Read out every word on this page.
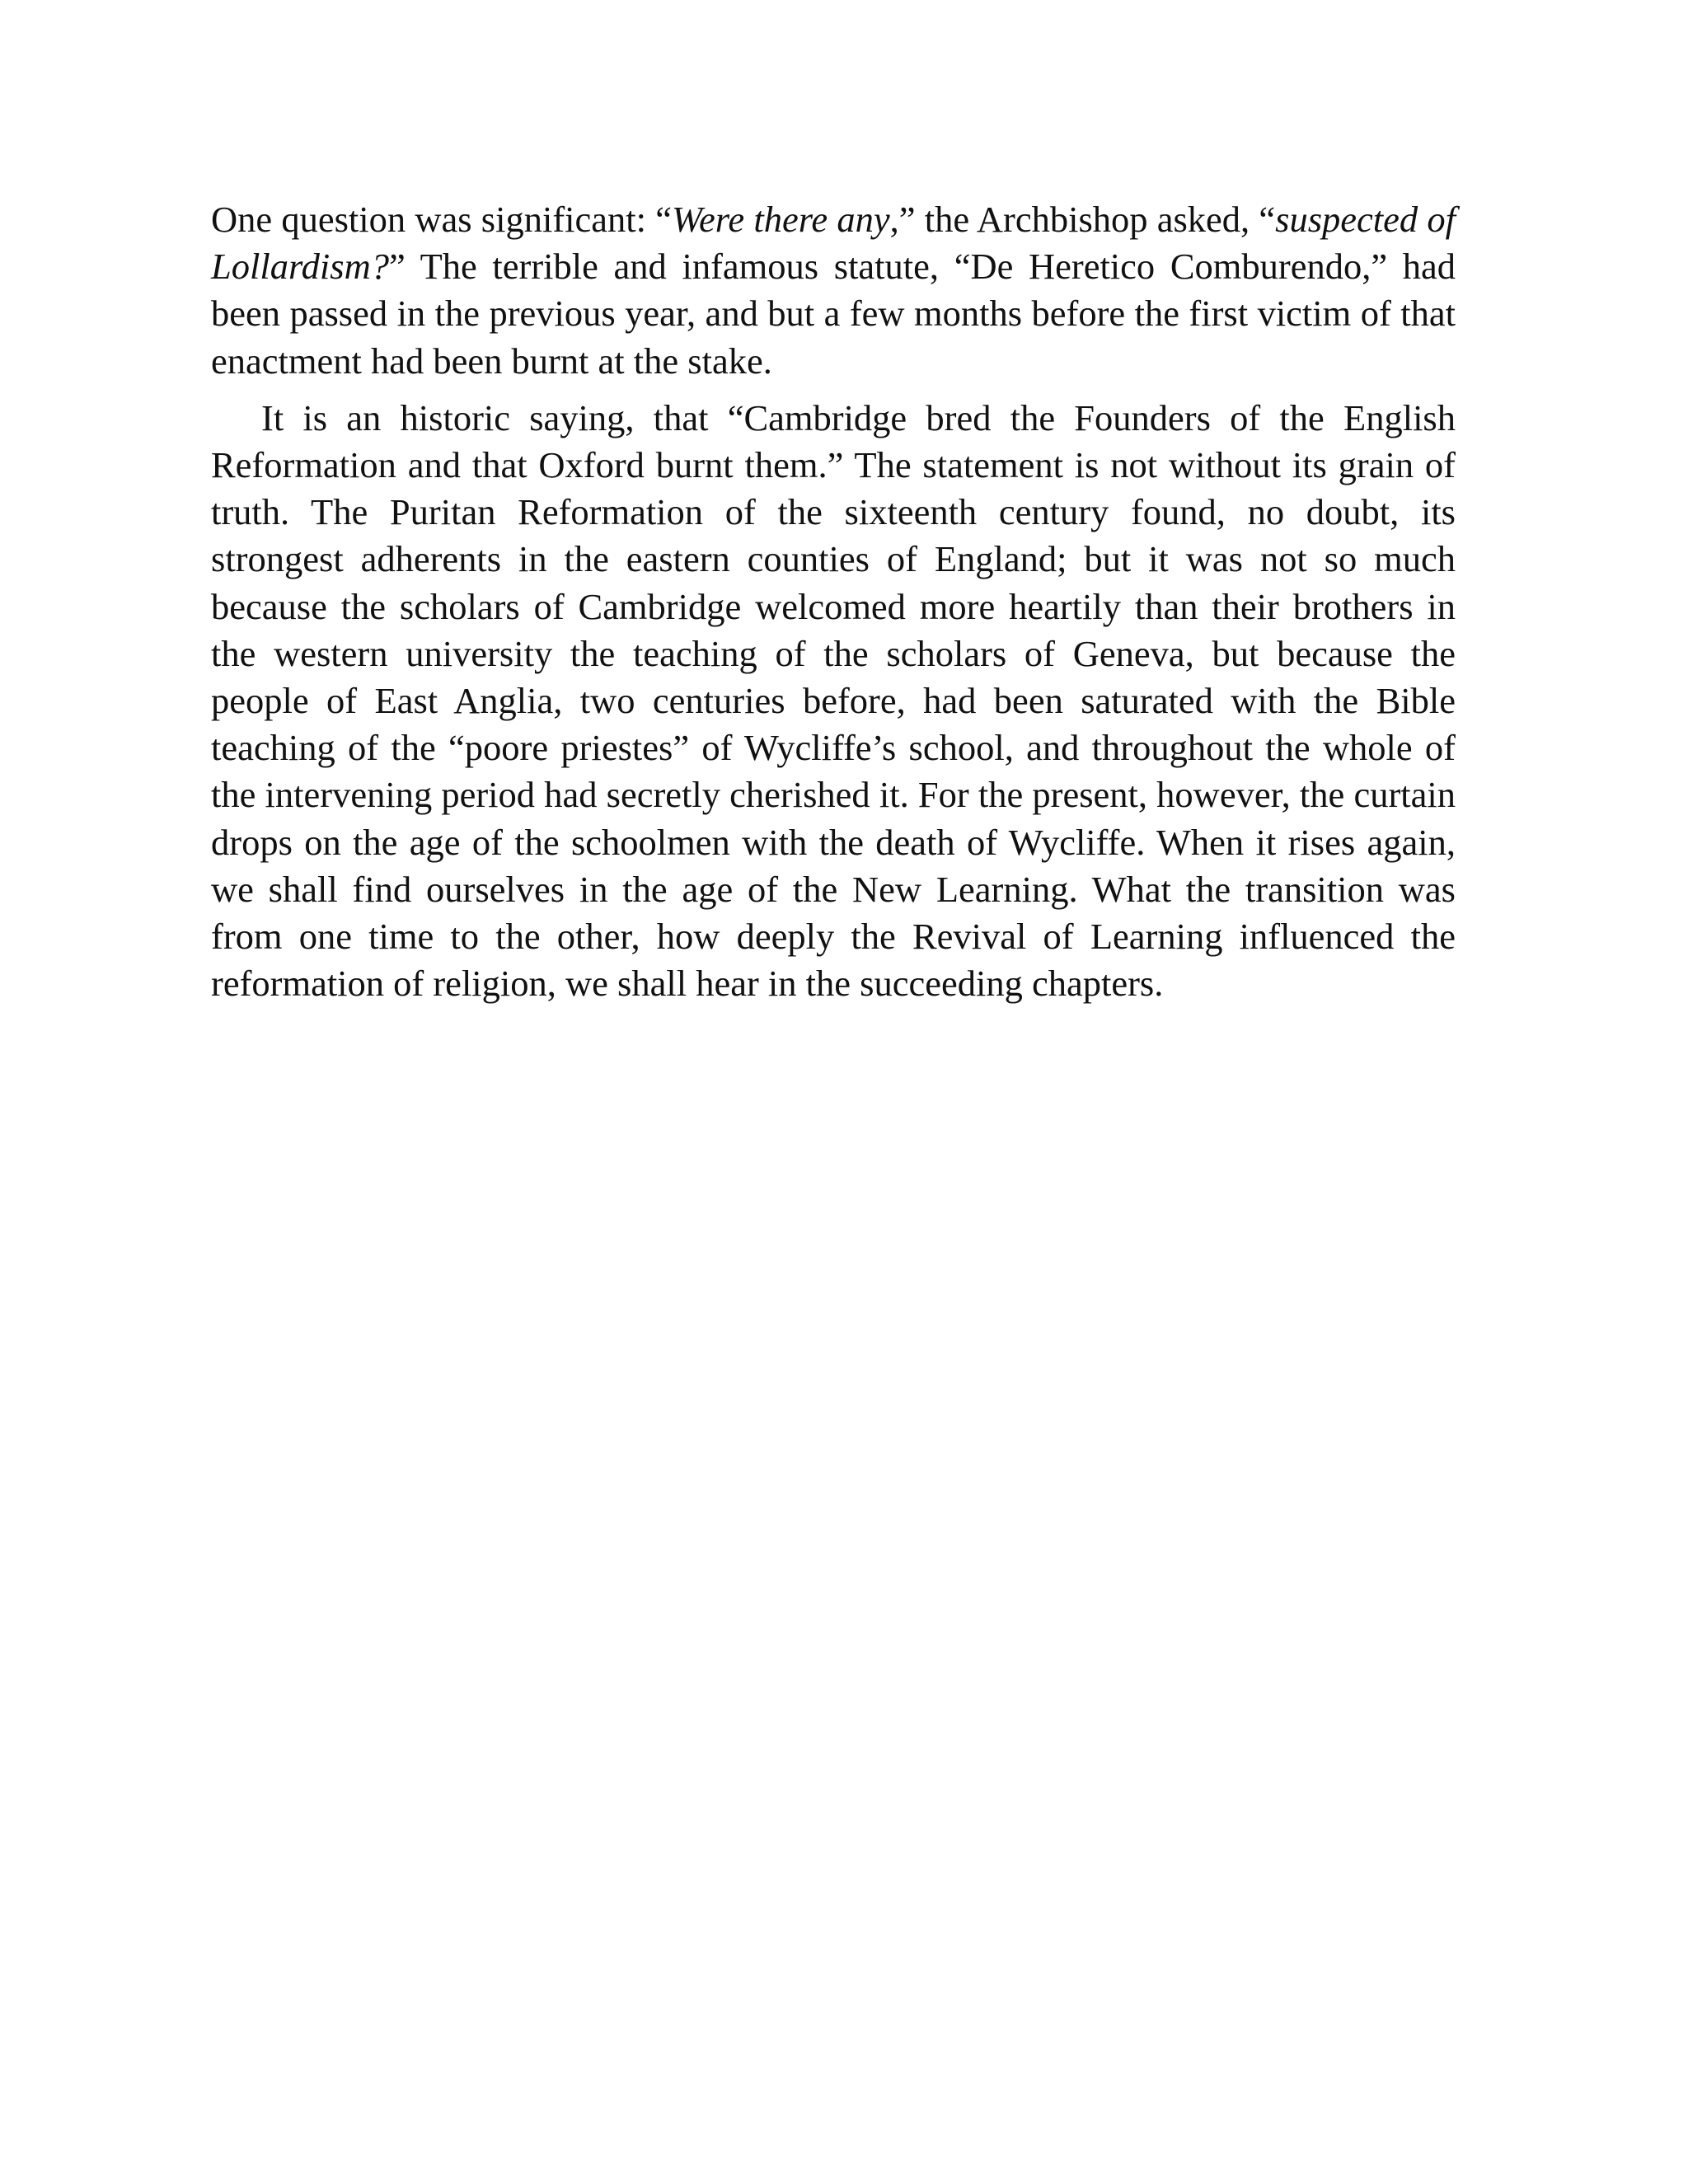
One question was significant: “Were there any,” the Archbishop asked, “suspected of Lollardism?” The terrible and infamous statute, “De Heretico Comburendo,” had been passed in the previous year, and but a few months before the first victim of that enactment had been burnt at the stake.

It is an historic saying, that “Cambridge bred the Founders of the English Reformation and that Oxford burnt them.” The statement is not without its grain of truth. The Puritan Reformation of the sixteenth century found, no doubt, its strongest adherents in the eastern counties of England; but it was not so much because the scholars of Cambridge welcomed more heartily than their brothers in the western university the teaching of the scholars of Geneva, but because the people of East Anglia, two centuries before, had been saturated with the Bible teaching of the “poore priestes” of Wycliffe’s school, and throughout the whole of the intervening period had secretly cherished it. For the present, however, the curtain drops on the age of the schoolmen with the death of Wycliffe. When it rises again, we shall find ourselves in the age of the New Learning. What the transition was from one time to the other, how deeply the Revival of Learning influenced the reformation of religion, we shall hear in the succeeding chapters.
